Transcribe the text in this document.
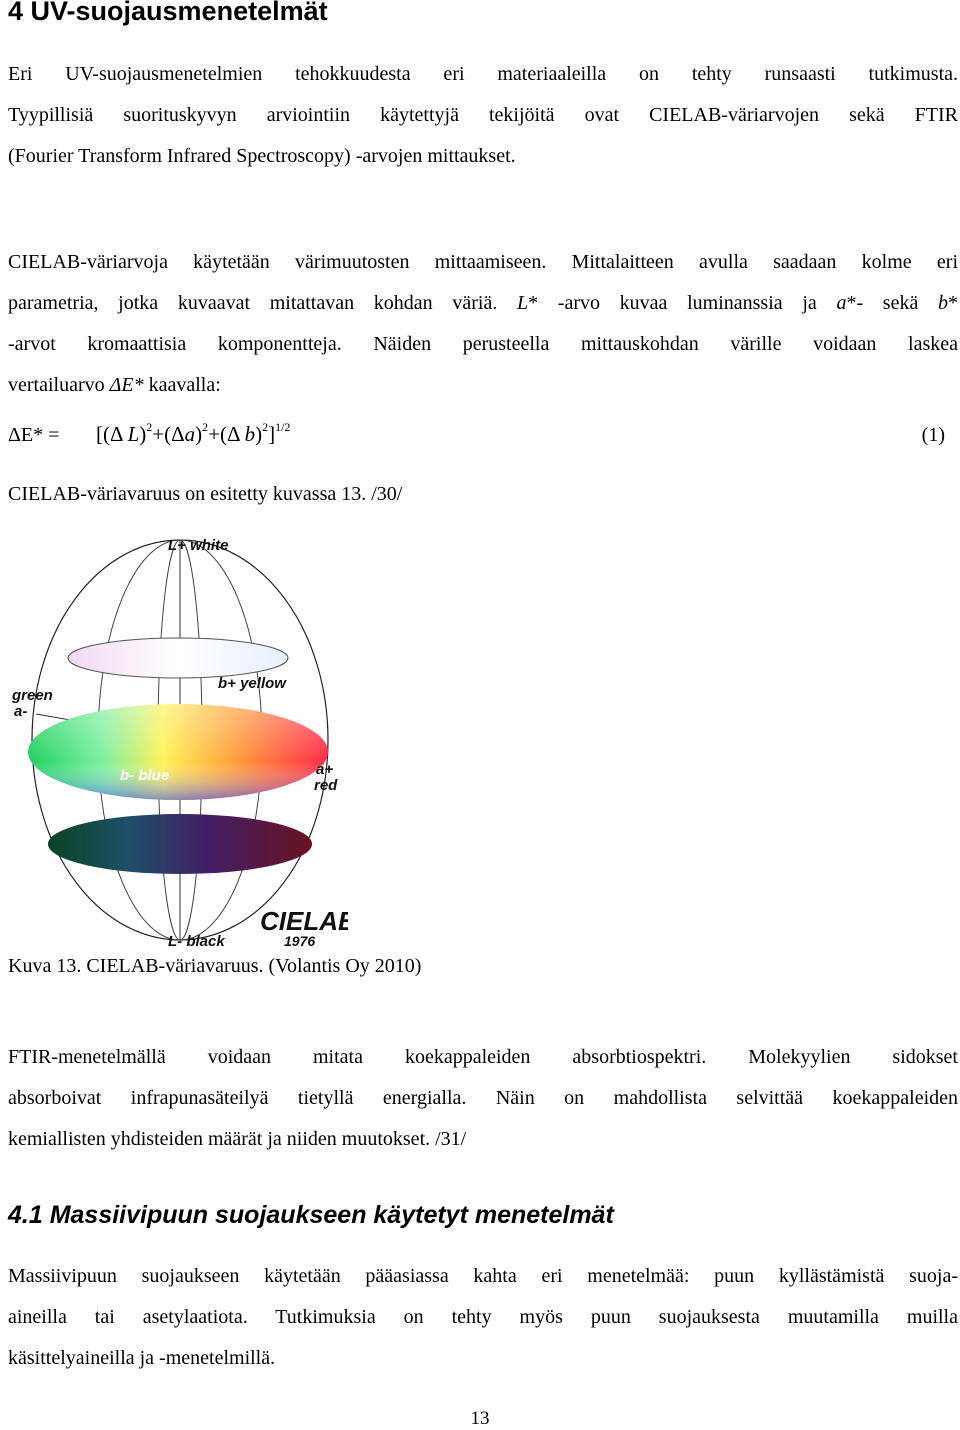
4 UV-suojausmenetelmät
Eri UV-suojausmenetelmien tehokkuudesta eri materiaaleilla on tehty runsaasti tutkimusta.
Tyypillisiä suorituskyvyn arviointiin käytettyjä tekijöitä ovat CIELAB-väriarvojen sekä FTIR
(Fourier Transform Infrared Spectroscopy) -arvojen mittaukset.
CIELAB-väriarvoja käytetään värimuutosten mittaamiseen. Mittalaitteen avulla saadaan kolme eri
parametria, jotka kuvaavat mitattavan kohdan väriä. L* -arvo kuvaa luminanssia ja a*- sekä b*
-arvot kromaattisia komponentteja. Näiden perusteella mittauskohdan värille voidaan laskea
vertailuarvo ΔE* kaavalla:
ΔE* = [(Δ $L)^2+(\Delta a)^2+(\Delta$ b)$^2$]$^{1/2}$	(1)
CIELAB-väriavaruus on esitetty kuvassa 13. /30/
L+ white
b+ yellow
green
a-
b- blue	a+
red
L- black
CIELAB
1976
Kuva 13. CIELAB-väriavaruus. (Volantis Oy 2010)
FTIR-menetelmällä voidaan mitata koekappaleiden absorbtiospektri. Molekyylien sidokset
absorboivat infrapunasäteilyä tietyllä energialla. Näin on mahdollista selvittää koekappaleiden
kemiallisten yhdisteiden määrät ja niiden muutokset. /31/
4.1 Massiivipuun suojaukseen käytetyt menetelmät
Massiivipuun suojaukseen käytetään pääasiassa kahta eri menetelmää: puun kyllästämistä suoja-
aineilla tai asetylaatiota. Tutkimuksia on tehty myös puun suojauksesta muutamilla muilla
käsittelyaineilla ja -menetelmillä.
13
